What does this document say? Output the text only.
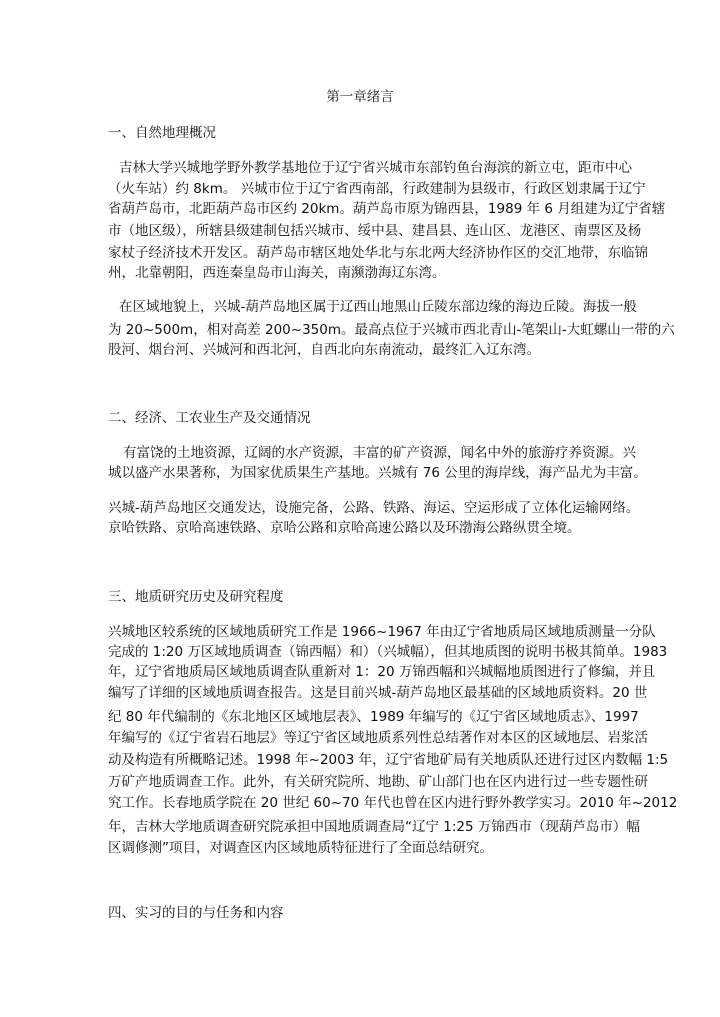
第一章绪言
一、自然地理概况
吉林大学兴城地学野外教学基地位于辽宁省兴城市东部钓鱼台海滨的新立屯，距市中心
（火车站）约 8km。 兴城市位于辽宁省西南部，行政建制为县级市，行政区划隶属于辽宁
省葫芦岛市，北距葫芦岛市区约 20km。葫芦岛市原为锦西县，1989 年 6 月组建为辽宁省辖
市（地区级），所辖县级建制包括兴城市、绥中县、建昌县、连山区、龙港区、南票区及杨
家杖子经济技术开发区。葫芦岛市辖区地处华北与东北两大经济协作区的交汇地带，东临锦
州，北靠朝阳，西连秦皇岛市山海关，南濒渤海辽东湾。
在区域地貌上，兴城-葫芦岛地区属于辽西山地黑山丘陵东部边缘的海边丘陵。海拔一般
为 20~500m，相对高差 200~350m。最高点位于兴城市西北青山-笔架山-大虹螺山一带的六
股河、烟台河、兴城河和西北河，自西北向东南流动，最终汇入辽东湾。
二、经济、工农业生产及交通情况
有富饶的土地资源，辽阔的水产资源，丰富的矿产资源，闻名中外的旅游疗养资源。兴
城以盛产水果著称，为国家优质果生产基地。兴城有 76 公里的海岸线，海产品尤为丰富。
兴城-葫芦岛地区交通发达，设施完备，公路、铁路、海运、空运形成了立体化运输网络。
京哈铁路、京哈高速铁路、京哈公路和京哈高速公路以及环渤海公路纵贯全境。
三、地质研究历史及研究程度
兴城地区较系统的区域地质研究工作是 1966~1967 年由辽宁省地质局区域地质测量一分队
完成的 1:20 万区域地质调查（锦西幅）和）（兴城幅），但其地质图的说明书极其简单。1983
年，辽宁省地质局区域地质调查队重新对 1：20 万锦西幅和兴城幅地质图进行了修编，并且
编写了详细的区域地质调查报告。这是目前兴城-葫芦岛地区最基础的区域地质资料。20 世
纪 80 年代编制的《东北地区区域地层表》、1989 年编写的《辽宁省区域地质志》、1997
年编写的《辽宁省岩石地层》等辽宁省区域地质系列性总结著作对本区的区域地层、岩浆活
动及构造有所概略记述。1998 年~2003 年，辽宁省地矿局有关地质队还进行过区内数幅 1:5
万矿产地质调查工作。此外，有关研究院所、地勘、矿山部门也在区内进行过一些专题性研
究工作。长春地质学院在 20 世纪 60~70 年代也曾在区内进行野外教学实习。2010 年~2012
年，吉林大学地质调查研究院承担中国地质调查局“辽宁 1:25 万锦西市（现葫芦岛市）幅
区调修测”项目，对调查区内区域地质特征进行了全面总结研究。
四、实习的目的与任务和内容
